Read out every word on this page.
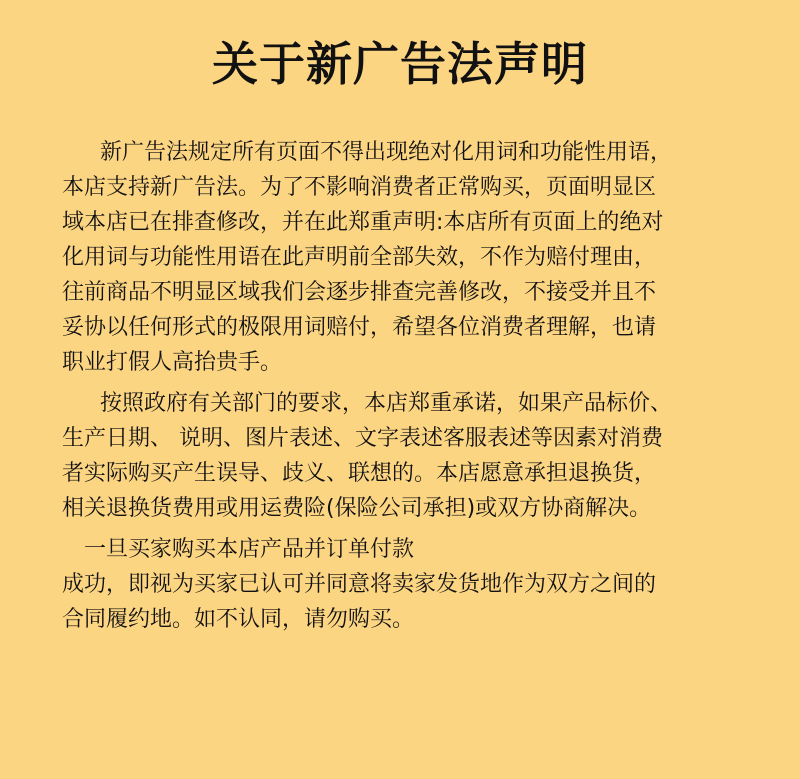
关于新广告法声明

新广告法规定所有页面不得出现绝对化用词和功能性用语，

本店支持新广告法。为了不影响消费者正常购买，页面明显区

域本店已在排查修改，并在此郑重声明:本店所有页面上的绝对

化用词与功能性用语在此声明前全部失效，不作为赔付理由，

往前商品不明显区域我们会逐步排查完善修改，不接受并且不

妥协以任何形式的极限用词赔付，希望各位消费者理解，也请

职业打假人高抬贵手。

按照政府有关部门的要求，本店郑重承诺，如果产品标价、

生产日期、 说明、图片表述、文字表述客服表述等因素对消费

者实际购买产生误导、歧义、联想的。本店愿意承担退换货，

相关退换货费用或用运费险(保险公司承担)或双方协商解决。

一旦买家购买本店产品并订单付款

成功，即视为买家已认可并同意将卖家发货地作为双方之间的

合同履约地。如不认同，请勿购买。
